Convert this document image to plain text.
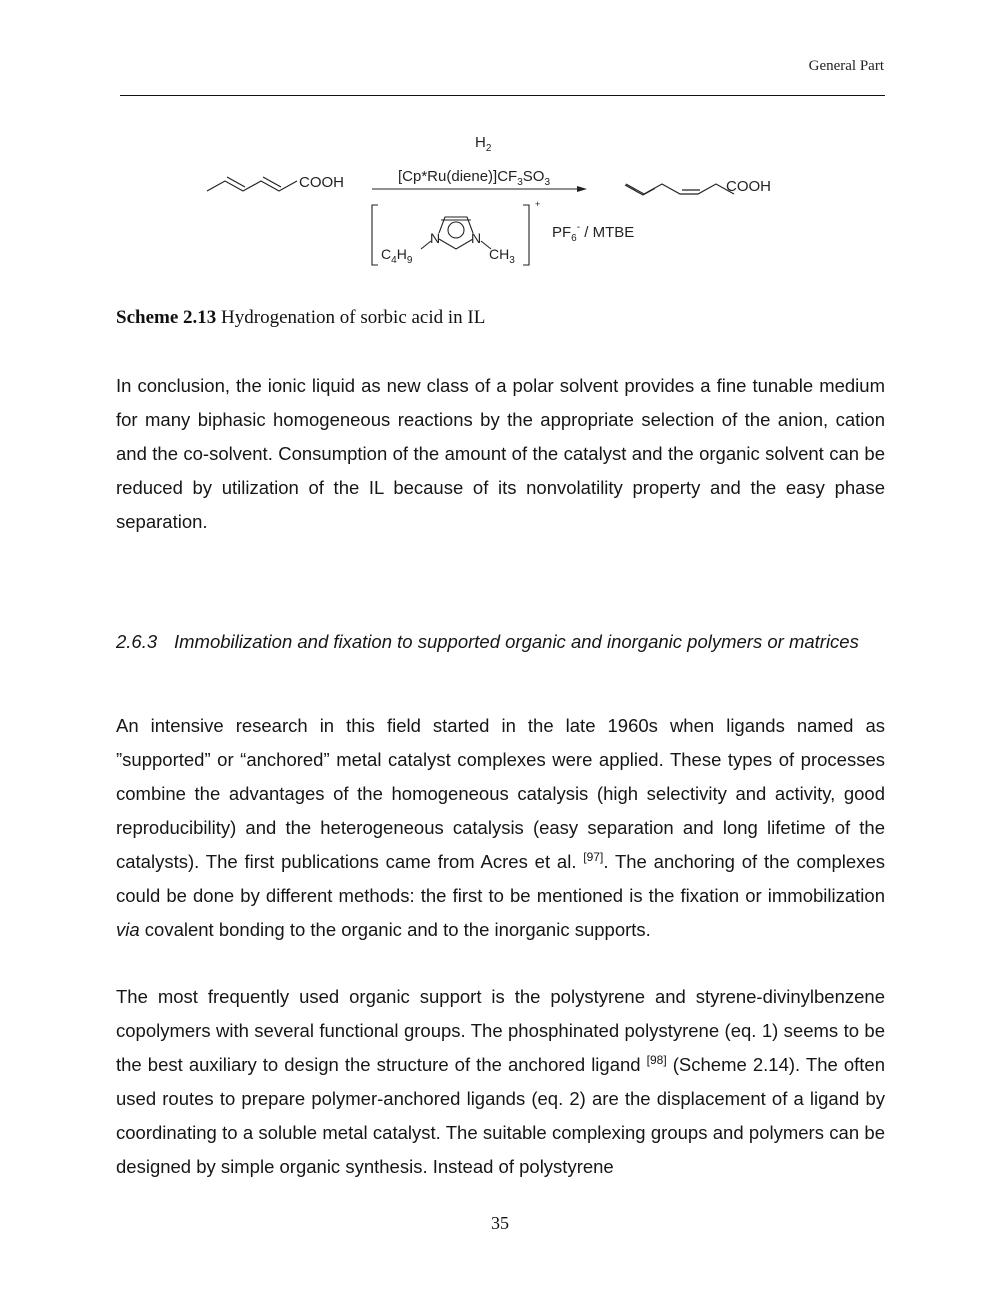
General Part
COOH
$H_2$
$[Cp*Ru(diene)]CF_3SO_3$
+
N N
$C_4H_9$	$CH_3$
$PF_6^-$ / MTBE
COOH
Scheme 2.13 Hydrogenation of sorbic acid in IL

In conclusion, the ionic liquid as new class of a polar solvent provides a fine tunable medium for many biphasic homogeneous reactions by the appropriate selection of the anion, cation and the co-solvent. Consumption of the amount of the catalyst and the organic solvent can be reduced by utilization of the IL because of its nonvolatility property and the easy phase separation.

2.6.3 Immobilization and fixation to supported organic and inorganic polymers or matrices

An intensive research in this field started in the late 1960s when ligands named as ”supported” or “anchored” metal catalyst complexes were applied. These types of processes combine the advantages of the homogeneous catalysis (high selectivity and activity, good reproducibility) and the heterogeneous catalysis (easy separation and long lifetime of the catalysts). The first publications came from Acres et al. [97]. The anchoring of the complexes could be done by different methods: the first to be mentioned is the fixation or immobilization via covalent bonding to the organic and to the inorganic supports.

The most frequently used organic support is the polystyrene and styrene-divinylbenzene copolymers with several functional groups. The phosphinated polystyrene (eq. 1) seems to be the best auxiliary to design the structure of the anchored ligand [98] (Scheme 2.14). The often used routes to prepare polymer-anchored ligands (eq. 2) are the displacement of a ligand by coordinating to a soluble metal catalyst. The suitable complexing groups and polymers can be designed by simple organic synthesis. Instead of polystyrene

35
